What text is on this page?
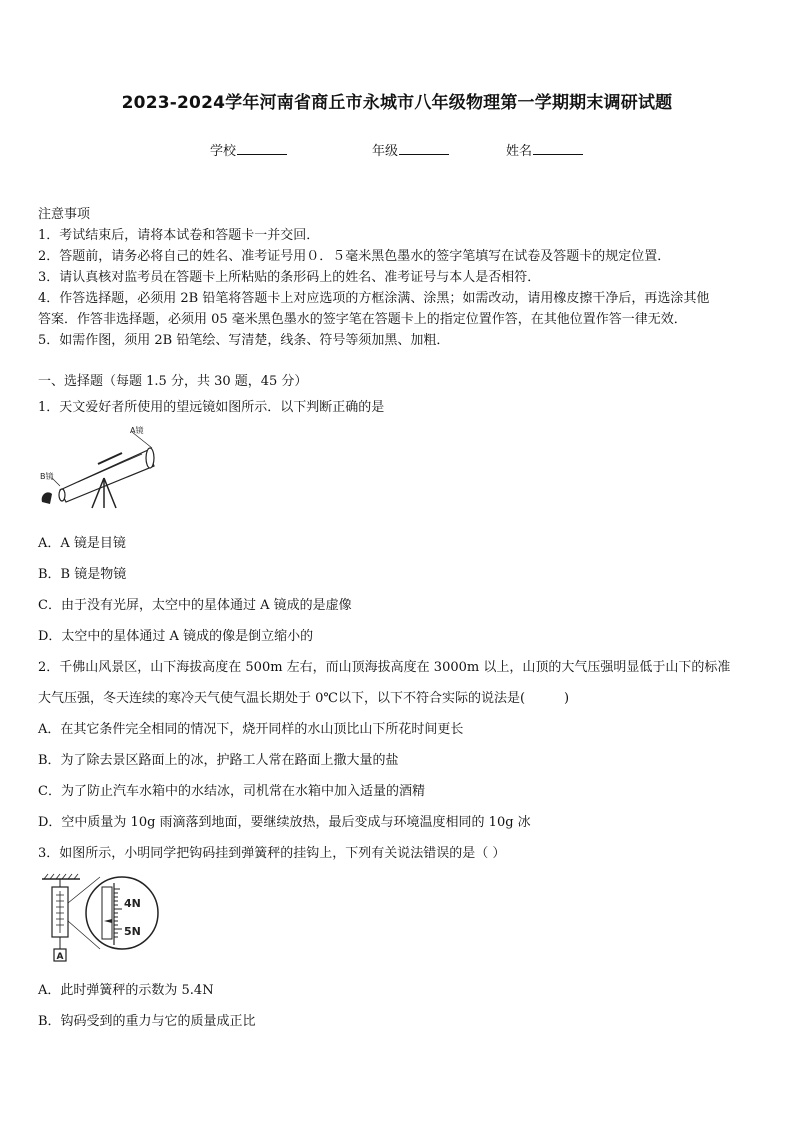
2023-2024学年河南省商丘市永城市八年级物理第一学期期末调研试题
学校	年级	姓名
注意事项
1．考试结束后，请将本试卷和答题卡一并交回．
2．答题前，请务必将自己的姓名、准考证号用０．５毫米黑色墨水的签字笔填写在试卷及答题卡的规定位置．
3．请认真核对监考员在答题卡上所粘贴的条形码上的姓名、准考证号与本人是否相符．
4．作答选择题，必须用 2B 铅笔将答题卡上对应选项的方框涂满、涂黑；如需改动，请用橡皮擦干净后，再选涂其他
答案．作答非选择题，必须用 05 毫米黑色墨水的签字笔在答题卡上的指定位置作答，在其他位置作答一律无效．
5．如需作图，须用 2B 铅笔绘、写清楚，线条、符号等须加黑、加粗．
一、选择题（每题 1.5 分，共 30 题，45 分）
1．天文爱好者所使用的望远镜如图所示．以下判断正确的是
A镜
B镜
A．A 镜是目镜
B．B 镜是物镜
C．由于没有光屏，太空中的星体通过 A 镜成的是虚像
D．太空中的星体通过 A 镜成的像是倒立缩小的
2．千佛山风景区，山下海拔高度在 500m 左右，而山顶海拔高度在 3000m 以上，山顶的大气压强明显低于山下的标准
大气压强，冬天连续的寒冷天气使气温长期处于 0℃以下，以下不符合实际的说法是(　　　)
A．在其它条件完全相同的情况下，烧开同样的水山顶比山下所花时间更长
B．为了除去景区路面上的冰，护路工人常在路面上撒大量的盐
C．为了防止汽车水箱中的水结冰，司机常在水箱中加入适量的酒精
D．空中质量为 10g 雨滴落到地面，要继续放热，最后变成与环境温度相同的 10g 冰
3．如图所示，小明同学把钩码挂到弹簧秤的挂钩上，下列有关说法错误的是（ ）
A
4N
5N
A．此时弹簧秤的示数为 5.4N
B．钩码受到的重力与它的质量成正比
